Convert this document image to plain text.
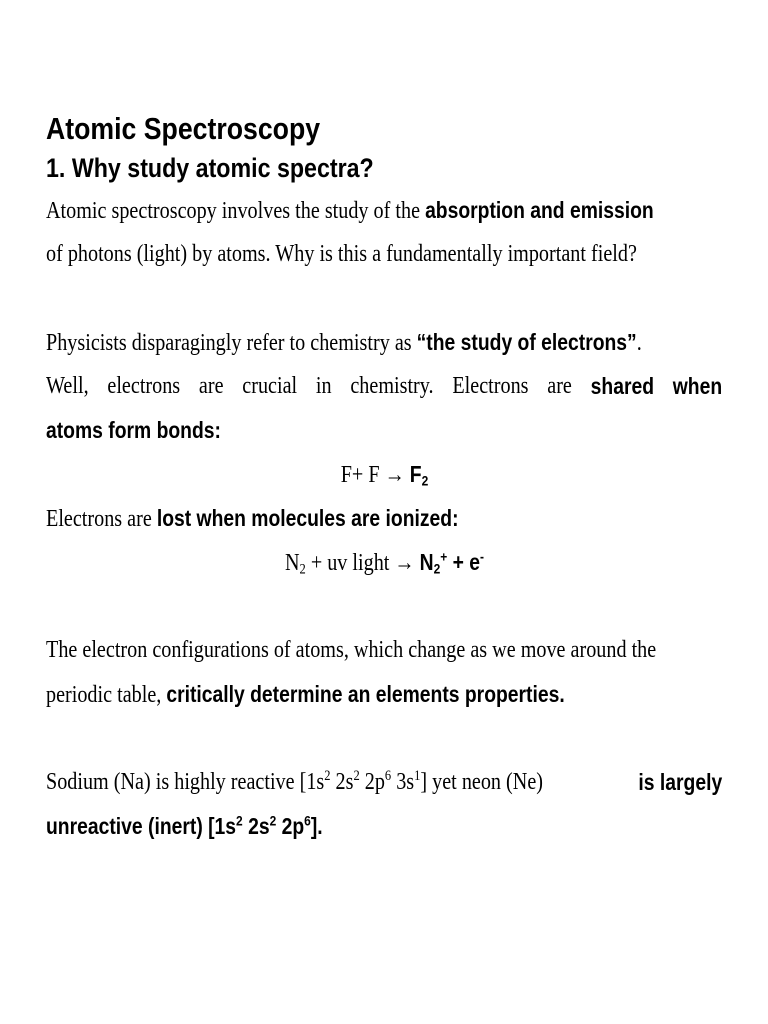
Atomic Spectroscopy
1. Why study atomic spectra?
Atomic spectroscopy involves the study of the absorption and emission
of photons (light) by atoms. Why is this a fundamentally important field?
Physicists disparagingly refer to chemistry as “the study of electrons”.
Well, electrons are crucial in chemistry. Electrons are shared when
atoms form bonds:
$F+ F \to F_2$
Electrons are lost when molecules are ionized:
$N_2$ + uv light → $N_2^+ + e^-$
The electron configurations of atoms, which change as we move around the
periodic table, critically determine an elements properties.
Sodium (Na) is highly reactive [$1s^2$ $2s^2$ $2p^6$ $3s^1$] yet neon (Ne)	is largely
unreactive (inert) [$1s^2$ $2s^2$ $2p^6$].
